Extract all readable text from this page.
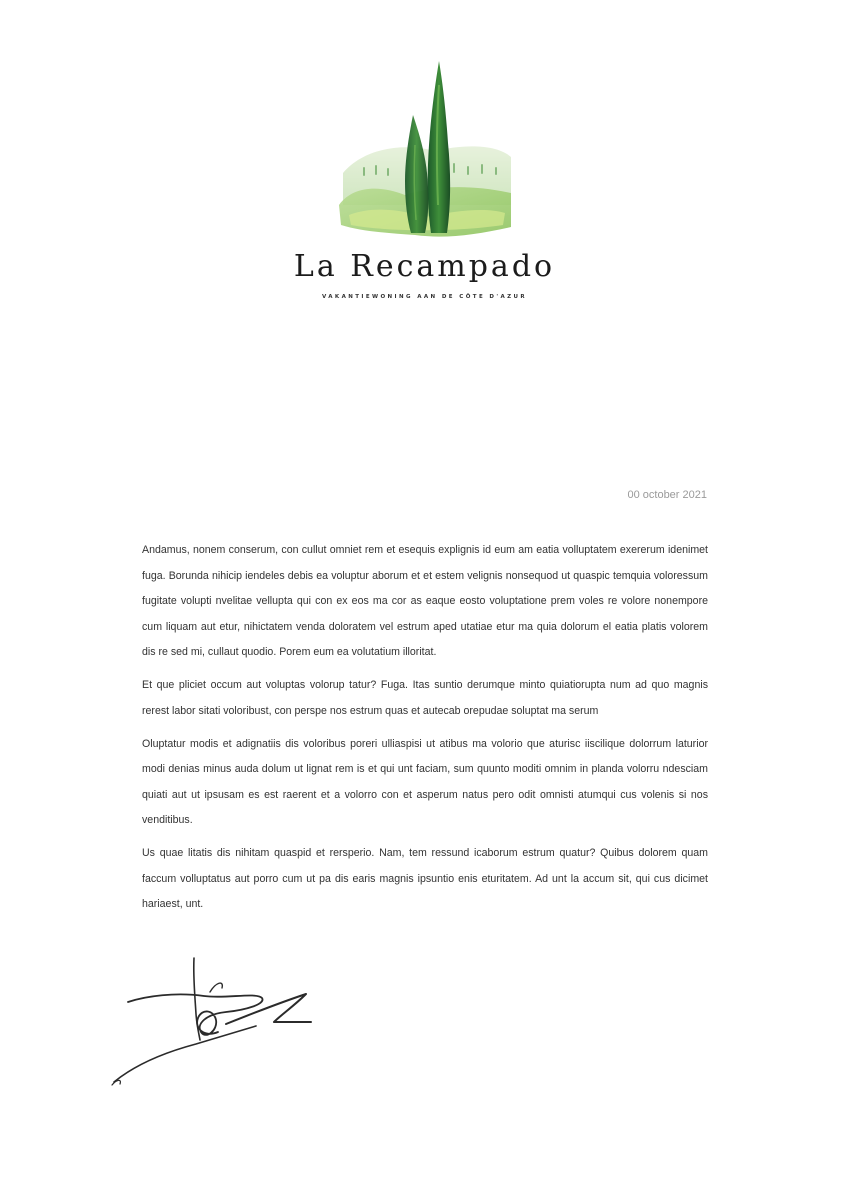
La Recampado
VAKANTIEWONING AAN DE CÔTE D'AZUR
00 october 2021

Andamus, nonem conserum, con cullut omniet rem et esequis explignis id eum am eatia volluptatem exererum idenimet fuga. Borunda nihicip iendeles debis ea voluptur aborum et et estem velignis nonsequod ut quaspic temquia voloressum fugitate volupti nvelitae vellupta qui con ex eos ma cor as eaque eosto voluptatione prem voles re volore nonempore cum liquam aut etur, nihictatem venda doloratem vel estrum aped utatiae etur ma quia dolorum el eatia platis volorem dis re sed mi, cullaut quodio. Porem eum ea volutatium illoritat.

Et que pliciet occum aut voluptas volorup tatur? Fuga. Itas suntio derumque minto quiatiorupta num ad quo magnis rerest labor sitati voloribust, con perspe nos estrum quas et autecab orepudae soluptat ma serum

Oluptatur modis et adignatiis dis voloribus poreri ulliaspisi ut atibus ma volorio que aturisc iiscilique dolorrum laturior modi denias minus auda dolum ut lignat rem is et qui unt faciam, sum quunto moditi omnim in planda volorru ndesciam quiati aut ut ipsusam es est raerent et a volorro con et asperum natus pero odit omnisti atumqui cus volenis si nos venditibus.

Us quae litatis dis nihitam quaspid et rersperio. Nam, tem ressund icaborum estrum quatur? Quibus dolorem quam faccum volluptatus aut porro cum ut pa dis earis magnis ipsuntio enis eturitatem. Ad unt la accum sit, qui cus dicimet hariaest, unt.
